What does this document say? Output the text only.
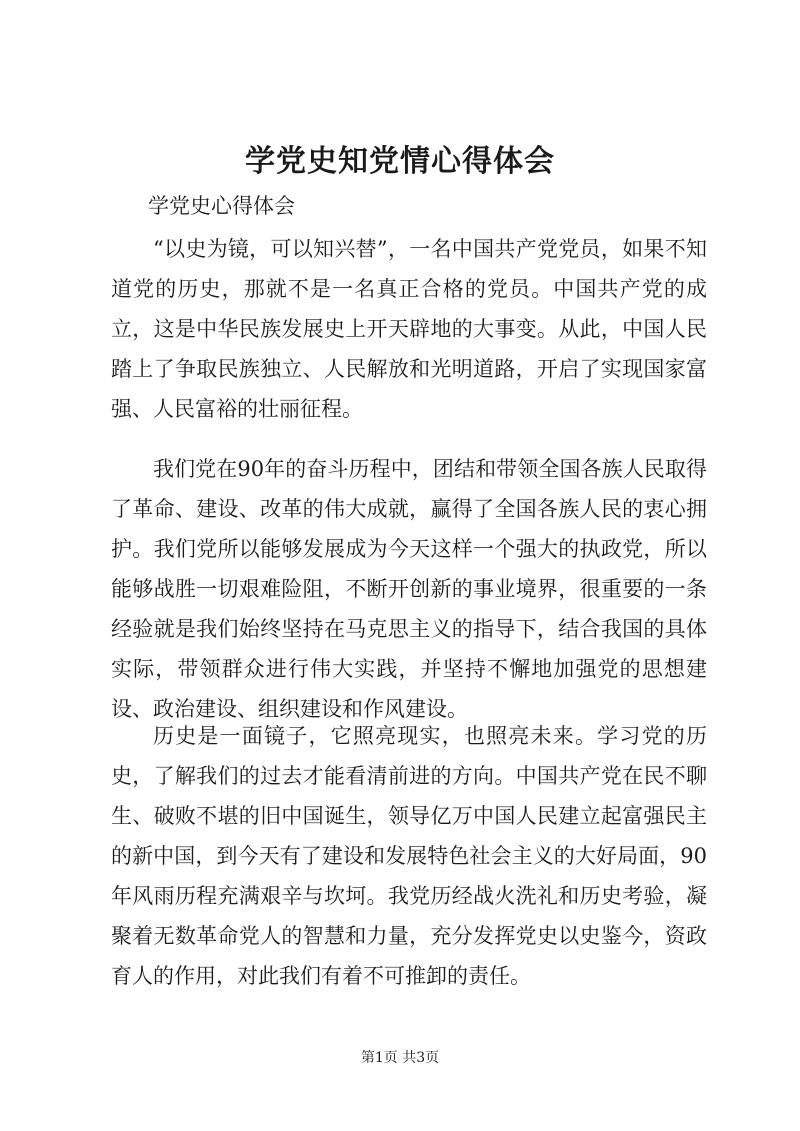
学党史知党情心得体会
学党史心得体会

“以史为镜，可以知兴替”，一名中国共产党党员，如果不知道党的历史，那就不是一名真正合格的党员。中国共产党的成立，这是中华民族发展史上开天辟地的大事变。从此，中国人民踏上了争取民族独立、人民解放和光明道路，开启了实现国家富强、人民富裕的壮丽征程。

我们党在90年的奋斗历程中，团结和带领全国各族人民取得了革命、建设、改革的伟大成就，赢得了全国各族人民的衷心拥护。我们党所以能够发展成为今天这样一个强大的执政党，所以能够战胜一切艰难险阻，不断开创新的事业境界，很重要的一条经验就是我们始终坚持在马克思主义的指导下，结合我国的具体实际，带领群众进行伟大实践，并坚持不懈地加强党的思想建设、政治建设、组织建设和作风建设。

历史是一面镜子，它照亮现实，也照亮未来。学习党的历史，了解我们的过去才能看清前进的方向。中国共产党在民不聊生、破败不堪的旧中国诞生，领导亿万中国人民建立起富强民主的新中国，到今天有了建设和发展特色社会主义的大好局面，90年风雨历程充满艰辛与坎坷。我党历经战火洗礼和历史考验，凝聚着无数革命党人的智慧和力量，充分发挥党史以史鉴今，资政育人的作用，对此我们有着不可推卸的责任。

第1页 共3页
